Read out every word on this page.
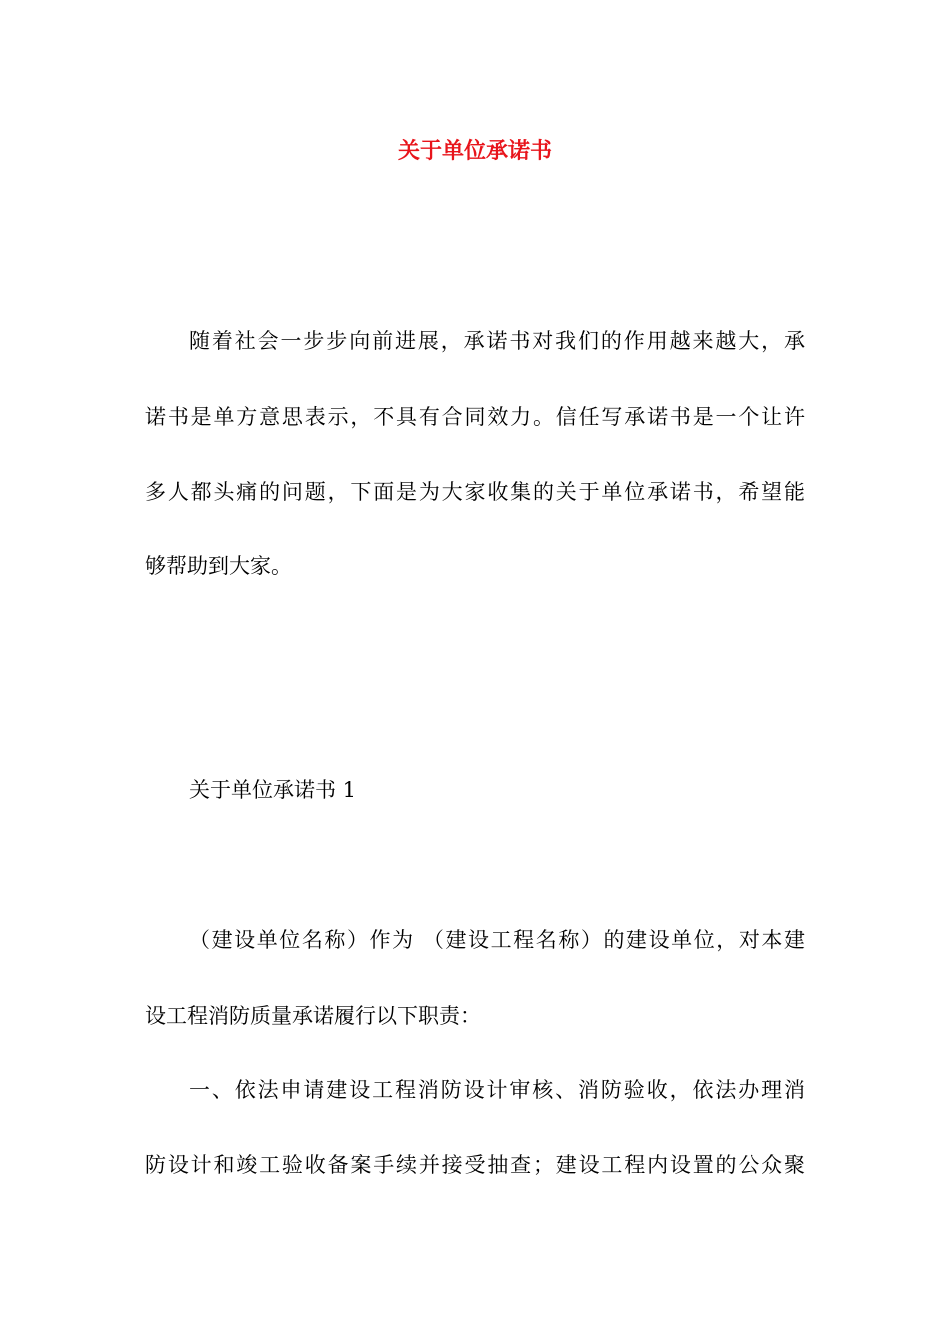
关于单位承诺书
随着社会一步步向前进展，承诺书对我们的作用越来越大，承
诺书是单方意思表示，不具有合同效力。信任写承诺书是一个让许
多人都头痛的问题，下面是为大家收集的关于单位承诺书，希望能
够帮助到大家。
关于单位承诺书 1
（建设单位名称）作为 （建设工程名称）的建设单位，对本建
设工程消防质量承诺履行以下职责：
一、依法申请建设工程消防设计审核、消防验收，依法办理消
防设计和竣工验收备案手续并接受抽查；建设工程内设置的公众聚
